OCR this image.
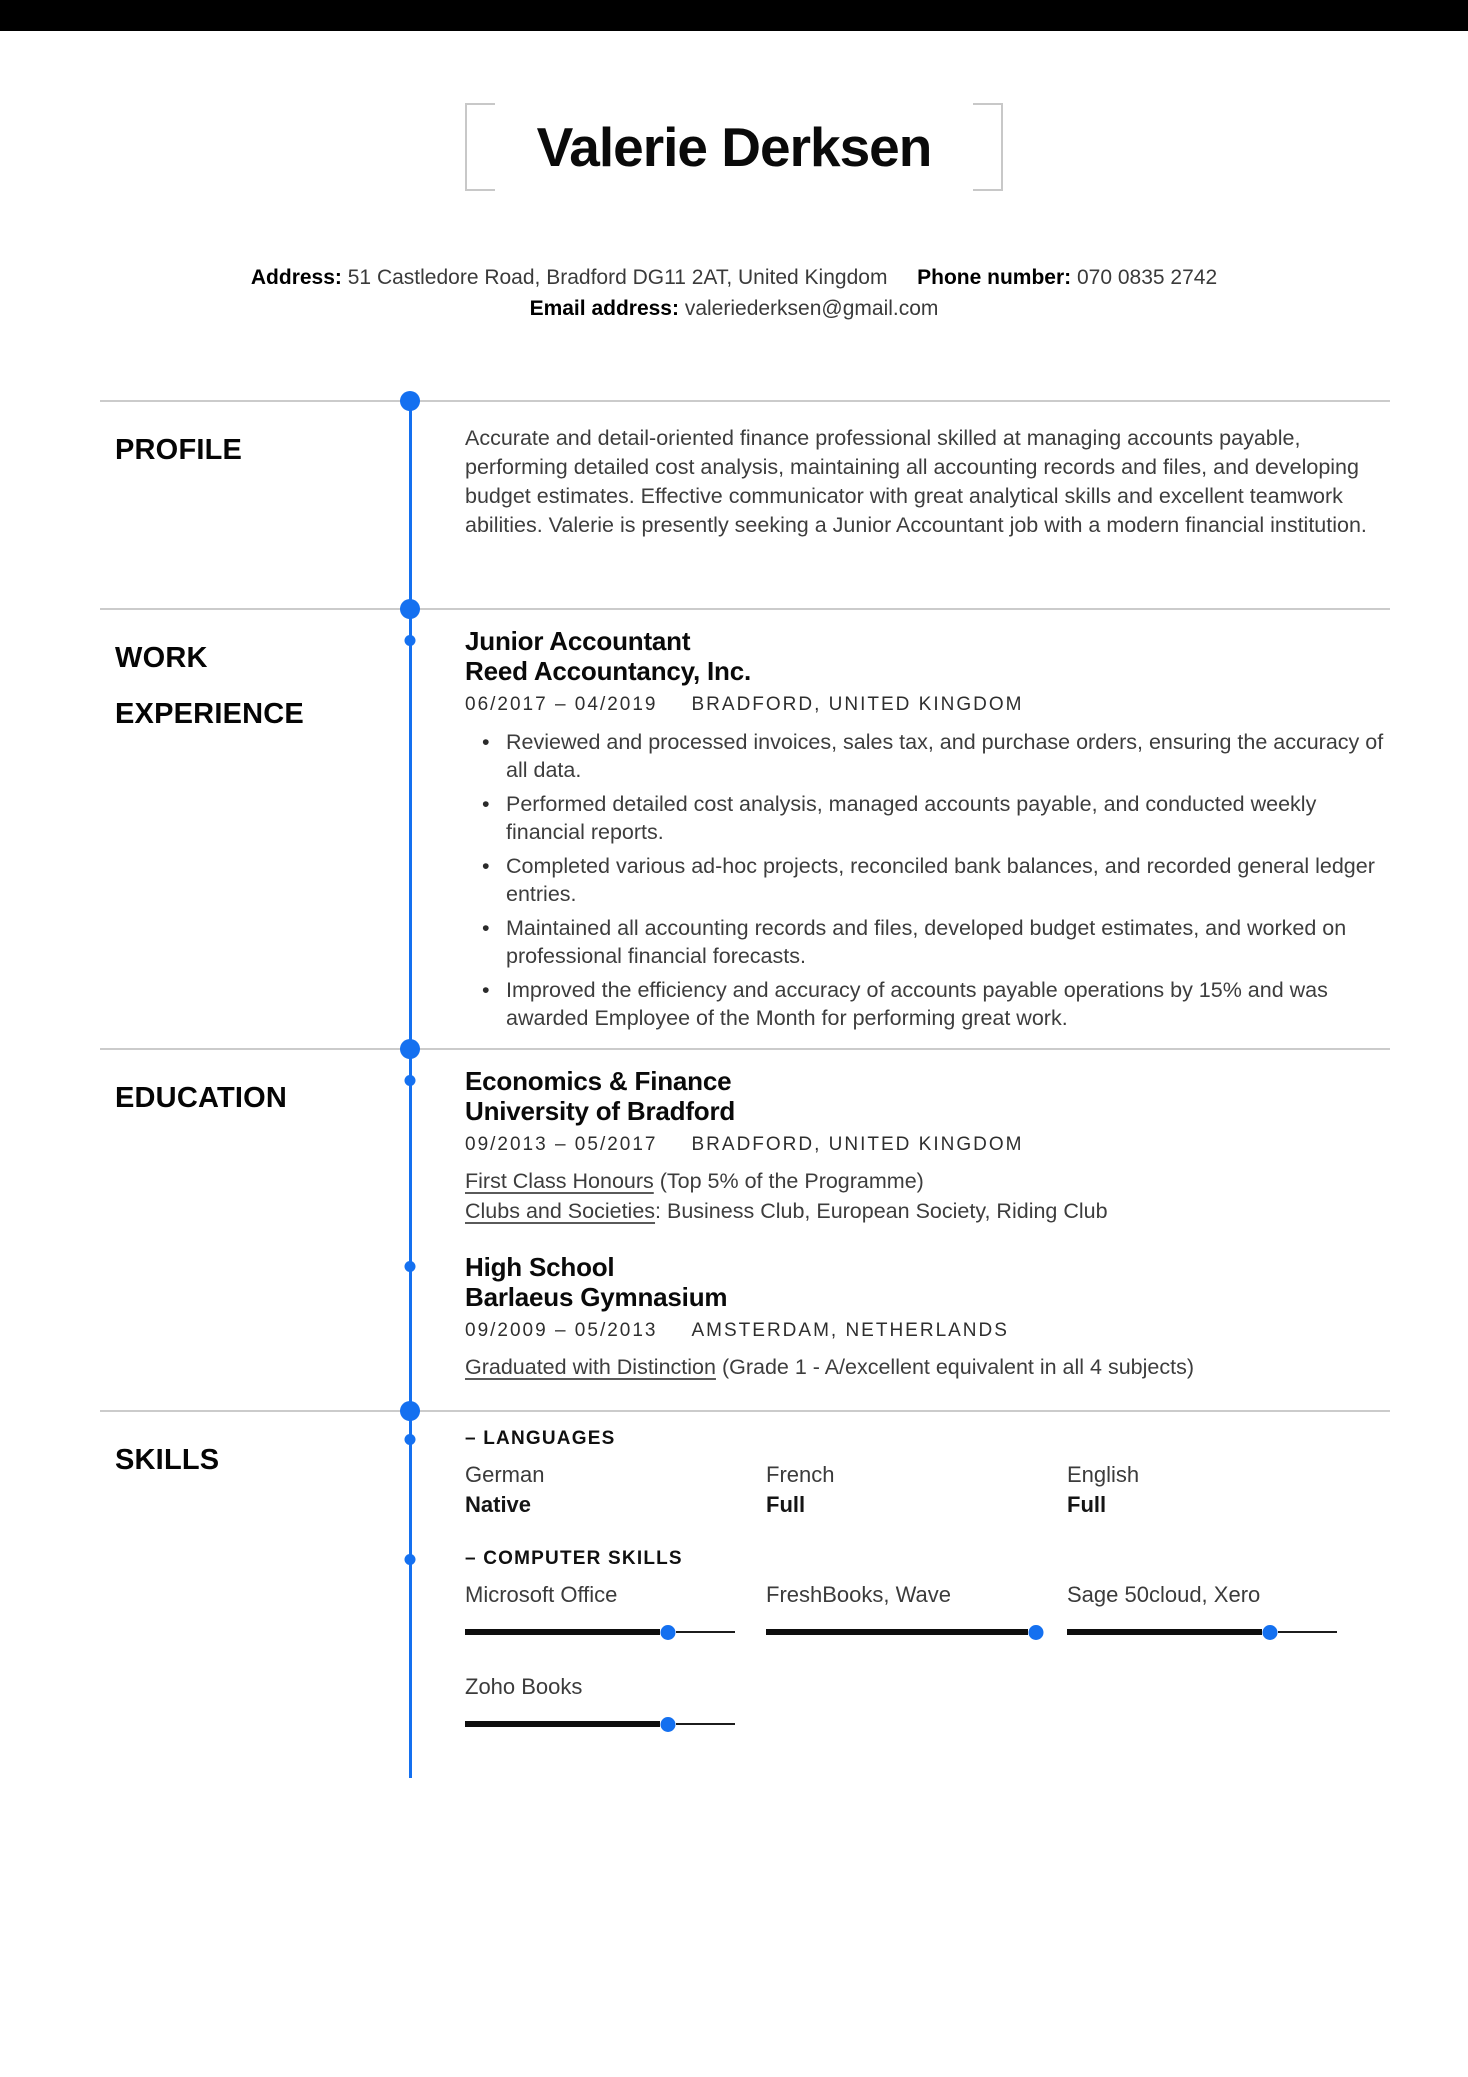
Valerie Derksen
Address: 51 Castledore Road, Bradford DG11 2AT, United Kingdom Phone number: 070 0835 2742
Email address: valeriederksen@gmail.com
PROFILE	Accurate and detail-oriented finance professional skilled at managing accounts payable, performing detailed cost analysis, maintaining all accounting records and files, and developing budget estimates. Effective communicator with great analytical skills and excellent teamwork abilities. Valerie is presently seeking a Junior Accountant job with a modern financial institution.

WORK
EXPERIENCE
Junior Accountant
Reed Accountancy, Inc.
06/2017 – 04/2019 BRADFORD, UNITED KINGDOM
• Reviewed and processed invoices, sales tax, and purchase orders, ensuring the accuracy of all data.
• Performed detailed cost analysis, managed accounts payable, and conducted weekly financial reports.
• Completed various ad-hoc projects, reconciled bank balances, and recorded general ledger entries.
• Maintained all accounting records and files, developed budget estimates, and worked on professional financial forecasts.
• Improved the efficiency and accuracy of accounts payable operations by 15% and was awarded Employee of the Month for performing great work.
EDUCATION
Economics & Finance
University of Bradford
09/2013 – 05/2017 BRADFORD, UNITED KINGDOM
First Class Honours (Top 5% of the Programme)
Clubs and Societies: Business Club, European Society, Riding Club
High School
Barlaeus Gymnasium
09/2009 – 05/2013 AMSTERDAM, NETHERLANDS
Graduated with Distinction (Grade 1 - A/excellent equivalent in all 4 subjects)
SKILLS
– LANGUAGES
German
Native
French
Full
English
Full
– COMPUTER SKILLS
Microsoft Office	FreshBooks, Wave	Sage 50cloud, Xero
Zoho Books
